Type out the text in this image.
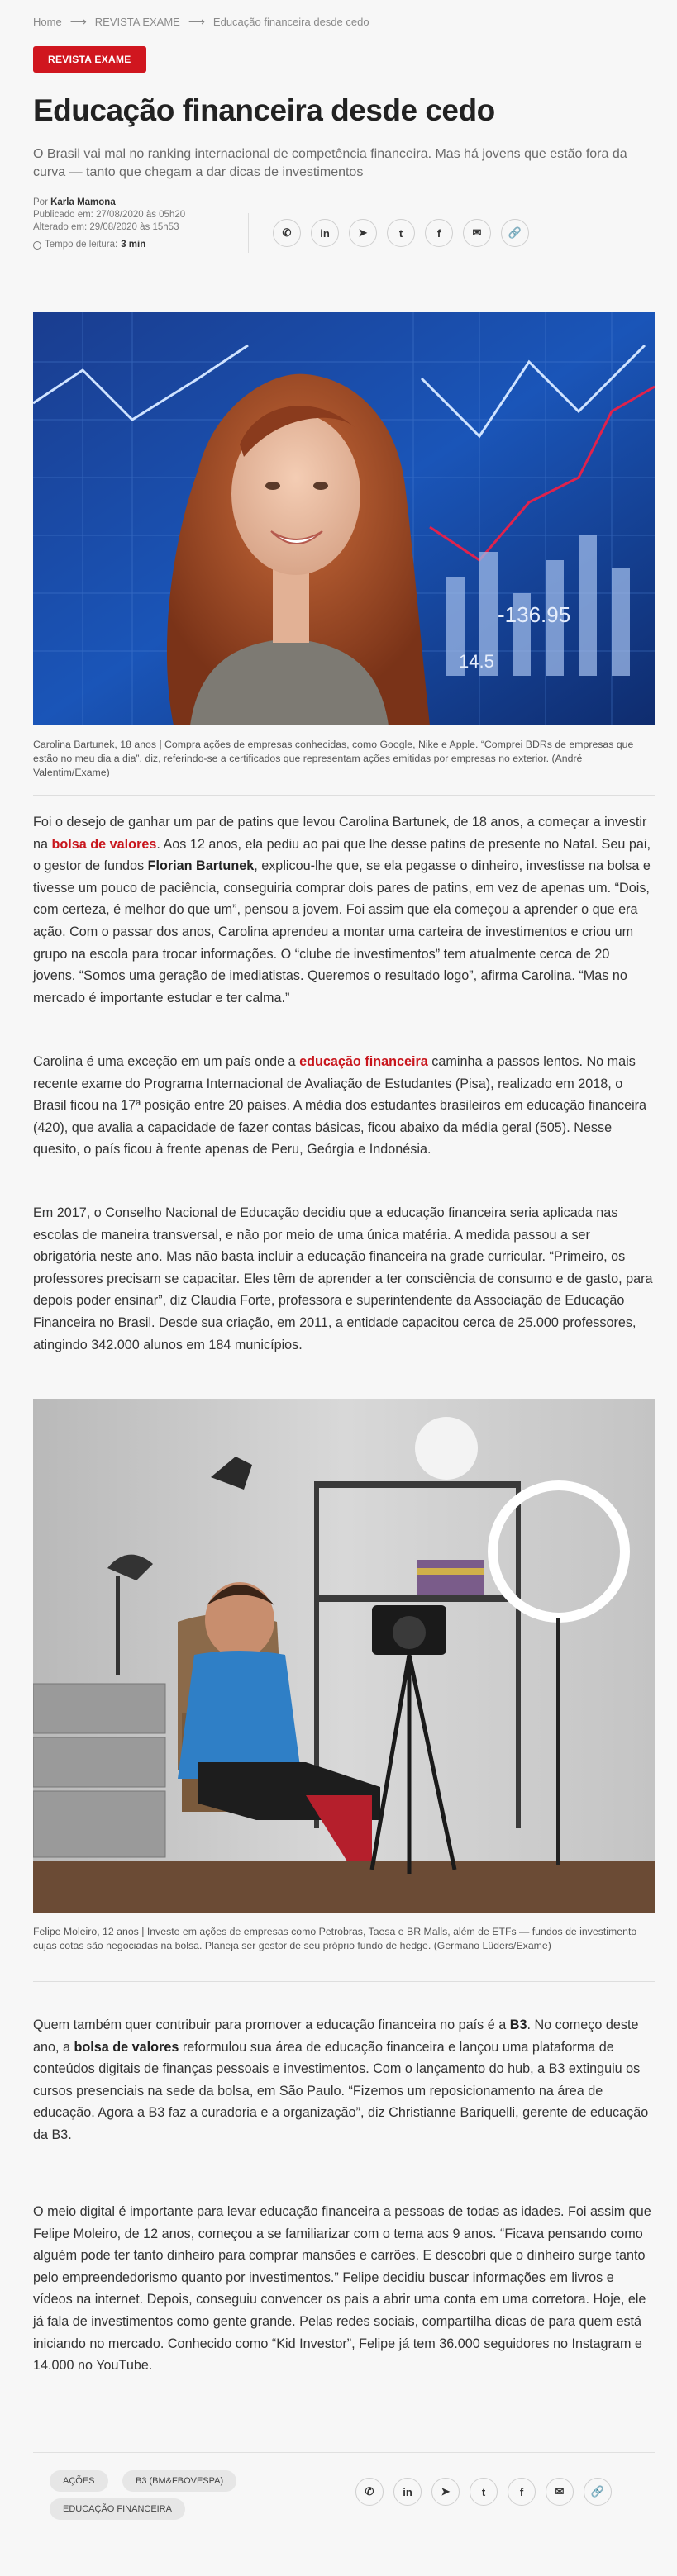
Home ⟶ REVISTA EXAME ⟶ Educação financeira desde cedo
REVISTA EXAME
Educação financeira desde cedo

O Brasil vai mal no ranking internacional de competência financeira. Mas há jovens que estão fora da curva — tanto que chegam a dar dicas de investimentos

Por Karla Mamona
Publicado em: 27/08/2020 às 05h20
Alterado em: 29/08/2020 às 15h53
Tempo de leitura: 3 min
✆	in	➤	t	f	✉	🔗
-136.95
14.5

Carolina Bartunek, 18 anos | Compra ações de empresas conhecidas, como Google, Nike e Apple. “Comprei BDRs de empresas que estão no meu dia a dia”, diz, referindo-se a certificados que representam ações emitidas por empresas no exterior. (André Valentim/Exame)

Foi o desejo de ganhar um par de patins que levou Carolina Bartunek, de 18 anos, a começar a investir na bolsa de valores. Aos 12 anos, ela pediu ao pai que lhe desse patins de presente no Natal. Seu pai, o gestor de fundos Florian Bartunek, explicou-lhe que, se ela pegasse o dinheiro, investisse na bolsa e tivesse um pouco de paciência, conseguiria comprar dois pares de patins, em vez de apenas um. “Dois, com certeza, é melhor do que um”, pensou a jovem. Foi assim que ela começou a aprender o que era ação. Com o passar dos anos, Carolina aprendeu a montar uma carteira de investimentos e criou um grupo na escola para trocar informações. O “clube de investimentos” tem atualmente cerca de 20 jovens. “Somos uma geração de imediatistas. Queremos o resultado logo”, afirma Carolina. “Mas no mercado é importante estudar e ter calma.”

Carolina é uma exceção em um país onde a educação financeira caminha a passos lentos. No mais recente exame do Programa Internacional de Avaliação de Estudantes (Pisa), realizado em 2018, o Brasil ficou na 17ª posição entre 20 países. A média dos estudantes brasileiros em educação financeira (420), que avalia a capacidade de fazer contas básicas, ficou abaixo da média geral (505). Nesse quesito, o país ficou à frente apenas de Peru, Geórgia e Indonésia.

Em 2017, o Conselho Nacional de Educação decidiu que a educação financeira seria aplicada nas escolas de maneira transversal, e não por meio de uma única matéria. A medida passou a ser obrigatória neste ano. Mas não basta incluir a educação financeira na grade curricular. “Primeiro, os professores precisam se capacitar. Eles têm de aprender a ter consciência de consumo e de gasto, para depois poder ensinar”, diz Claudia Forte, professora e superintendente da Associação de Educação Financeira no Brasil. Desde sua criação, em 2011, a entidade capacitou cerca de 25.000 professores, atingindo 342.000 alunos em 184 municípios.

Felipe Moleiro, 12 anos | Investe em ações de empresas como Petrobras, Taesa e BR Malls, além de ETFs — fundos de investimento cujas cotas são negociadas na bolsa. Planeja ser gestor de seu próprio fundo de hedge. (Germano Lüders/Exame)

Quem também quer contribuir para promover a educação financeira no país é a B3. No começo deste ano, a bolsa de valores reformulou sua área de educação financeira e lançou uma plataforma de conteúdos digitais de finanças pessoais e investimentos. Com o lançamento do hub, a B3 extinguiu os cursos presenciais na sede da bolsa, em São Paulo. “Fizemos um reposicionamento na área de educação. Agora a B3 faz a curadoria e a organização”, diz Christianne Bariquelli, gerente de educação da B3.

O meio digital é importante para levar educação financeira a pessoas de todas as idades. Foi assim que Felipe Moleiro, de 12 anos, começou a se familiarizar com o tema aos 9 anos. “Ficava pensando como alguém pode ter tanto dinheiro para comprar mansões e carrões. E descobri que o dinheiro surge tanto pelo empreendedorismo quanto por investimentos.” Felipe decidiu buscar informações em livros e vídeos na internet. Depois, conseguiu convencer os pais a abrir uma conta em uma corretora. Hoje, ele já fala de investimentos como gente grande. Pelas redes sociais, compartilha dicas de para quem está iniciando no mercado. Conhecido como “Kid Investor”, Felipe já tem 36.000 seguidores no Instagram e 14.000 no YouTube.

AÇÕES	B3 (BM&FBOVESPA)
EDUCAÇÃO FINANCEIRA
✆	in	➤	t	f	✉	🔗
